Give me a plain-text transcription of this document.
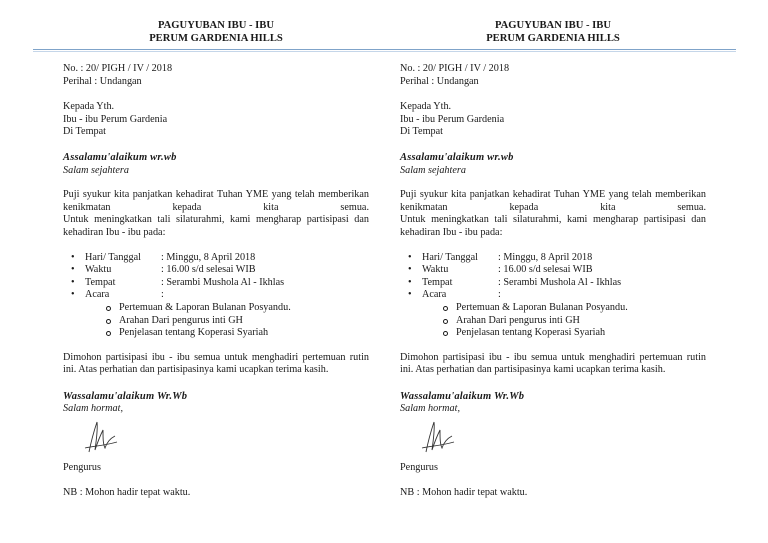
PAGUYUBAN IBU - IBU
PERUM GARDENIA HILLS
No. : 20/ PIGH / IV / 2018
Perihal : Undangan
Kepada Yth.
Ibu - ibu Perum Gardenia
Di Tempat
Assalamu'alaikum wr.wb
Salam sejahtera
Puji syukur kita panjatkan kehadirat Tuhan YME yang telah memberikan kenikmatan kepada kita semua.
Untuk meningkatkan tali silaturahmi, kami mengharap partisipasi dan kehadiran Ibu - ibu pada:
• Hari/ Tanggal : Minggu, 8 April 2018
• Waktu	: 16.00 s/d selesai WIB
• Tempat	: Serambi Mushola Al - Ikhlas
• Acara	:
Pertemuan & Laporan Bulanan Posyandu.
Arahan Dari pengurus inti GH
Penjelasan tentang Koperasi Syariah
Dimohon partisipasi ibu - ibu semua untuk menghadiri pertemuan rutin ini. Atas perhatian dan partisipasinya kami ucapkan terima kasih.
Wassalamu'alaikum Wr.Wb
Salam hormat,
Pengurus
NB : Mohon hadir tepat waktu.
PAGUYUBAN IBU - IBU
PERUM GARDENIA HILLS
No. : 20/ PIGH / IV / 2018
Perihal : Undangan
Kepada Yth.
Ibu - ibu Perum Gardenia
Di Tempat
Assalamu'alaikum wr.wb
Salam sejahtera
Puji syukur kita panjatkan kehadirat Tuhan YME yang telah memberikan kenikmatan kepada kita semua.
Untuk meningkatkan tali silaturahmi, kami mengharap partisipasi dan kehadiran Ibu - ibu pada:
• Hari/ Tanggal : Minggu, 8 April 2018
• Waktu	: 16.00 s/d selesai WIB
• Tempat	: Serambi Mushola Al - Ikhlas
• Acara	:
Pertemuan & Laporan Bulanan Posyandu.
Arahan Dari pengurus inti GH
Penjelasan tentang Koperasi Syariah
Dimohon partisipasi ibu - ibu semua untuk menghadiri pertemuan rutin ini. Atas perhatian dan partisipasinya kami ucapkan terima kasih.
Wassalamu'alaikum Wr.Wb
Salam hormat,
Pengurus
NB : Mohon hadir tepat waktu.
